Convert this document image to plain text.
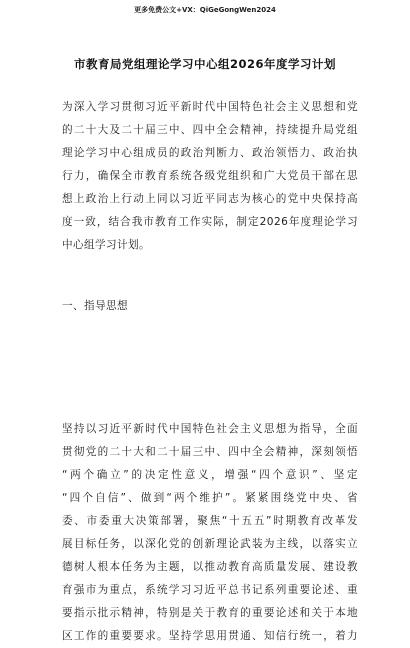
更多免费公文+VX：QiGeGongWen2024
市教育局党组理论学习中心组2026年度学习计划
为深入学习贯彻习近平新时代中国特色社会主义思想和党
的二十大及二十届三中、四中全会精神，持续提升局党组
理论学习中心组成员的政治判断力、政治领悟力、政治执
行力，确保全市教育系统各级党组织和广大党员干部在思
想上政治上行动上同以习近平同志为核心的党中央保持高
度一致，结合我市教育工作实际，制定2026年度理论学习
中心组学习计划。
一、指导思想
坚持以习近平新时代中国特色社会主义思想为指导，全面
贯彻党的二十大和二十届三中、四中全会精神，深刻领悟
“两个确立”的决定性意义，增强“四个意识”、坚定
“四个自信”、做到“两个维护”。紧紧围绕党中央、省
委、市委重大决策部署，聚焦“十五五”时期教育改革发
展目标任务，以深化党的创新理论武装为主线，以落实立
德树人根本任务为主题，以推动教育高质量发展、建设教
育强市为重点，系统学习习近平总书记系列重要论述、重
要指示批示精神，特别是关于教育的重要论述和关于本地
区工作的重要要求。坚持学思用贯通、知信行统一，着力
